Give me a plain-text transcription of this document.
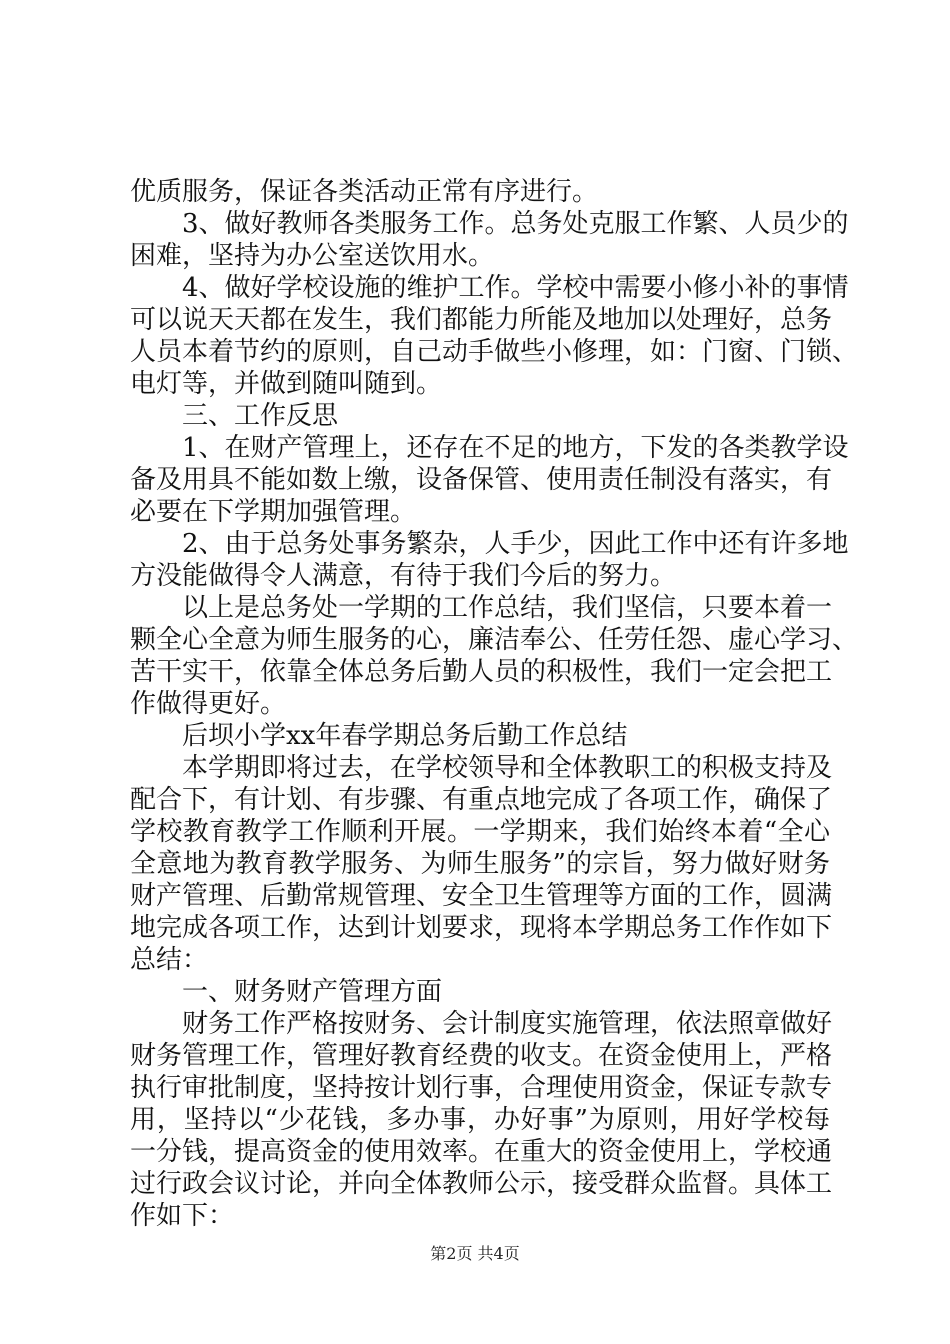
优质服务，保证各类活动正常有序进行。
　　3、做好教师各类服务工作。总务处克服工作繁、人员少的
困难，坚持为办公室送饮用水。
　　4、做好学校设施的维护工作。学校中需要小修小补的事情
可以说天天都在发生，我们都能力所能及地加以处理好，总务
人员本着节约的原则，自己动手做些小修理，如：门窗、门锁、
电灯等，并做到随叫随到。
　　三、工作反思
　　1、在财产管理上，还存在不足的地方，下发的各类教学设
备及用具不能如数上缴，设备保管、使用责任制没有落实，有
必要在下学期加强管理。
　　2、由于总务处事务繁杂，人手少，因此工作中还有许多地
方没能做得令人满意，有待于我们今后的努力。
　　以上是总务处一学期的工作总结，我们坚信，只要本着一
颗全心全意为师生服务的心，廉洁奉公、任劳任怨、虚心学习、
苦干实干，依靠全体总务后勤人员的积极性，我们一定会把工
作做得更好。
　　后坝小学xx年春学期总务后勤工作总结
　　本学期即将过去，在学校领导和全体教职工的积极支持及
配合下，有计划、有步骤、有重点地完成了各项工作，确保了
学校教育教学工作顺利开展。一学期来，我们始终本着“全心
全意地为教育教学服务、为师生服务”的宗旨，努力做好财务
财产管理、后勤常规管理、安全卫生管理等方面的工作，圆满
地完成各项工作，达到计划要求，现将本学期总务工作作如下
总结：
　　一、财务财产管理方面
　　财务工作严格按财务、会计制度实施管理，依法照章做好
财务管理工作，管理好教育经费的收支。在资金使用上，严格
执行审批制度，坚持按计划行事，合理使用资金，保证专款专
用，坚持以“少花钱，多办事，办好事”为原则，用好学校每
一分钱，提高资金的使用效率。在重大的资金使用上，学校通
过行政会议讨论，并向全体教师公示，接受群众监督。具体工
作如下：
第2页 共4页
